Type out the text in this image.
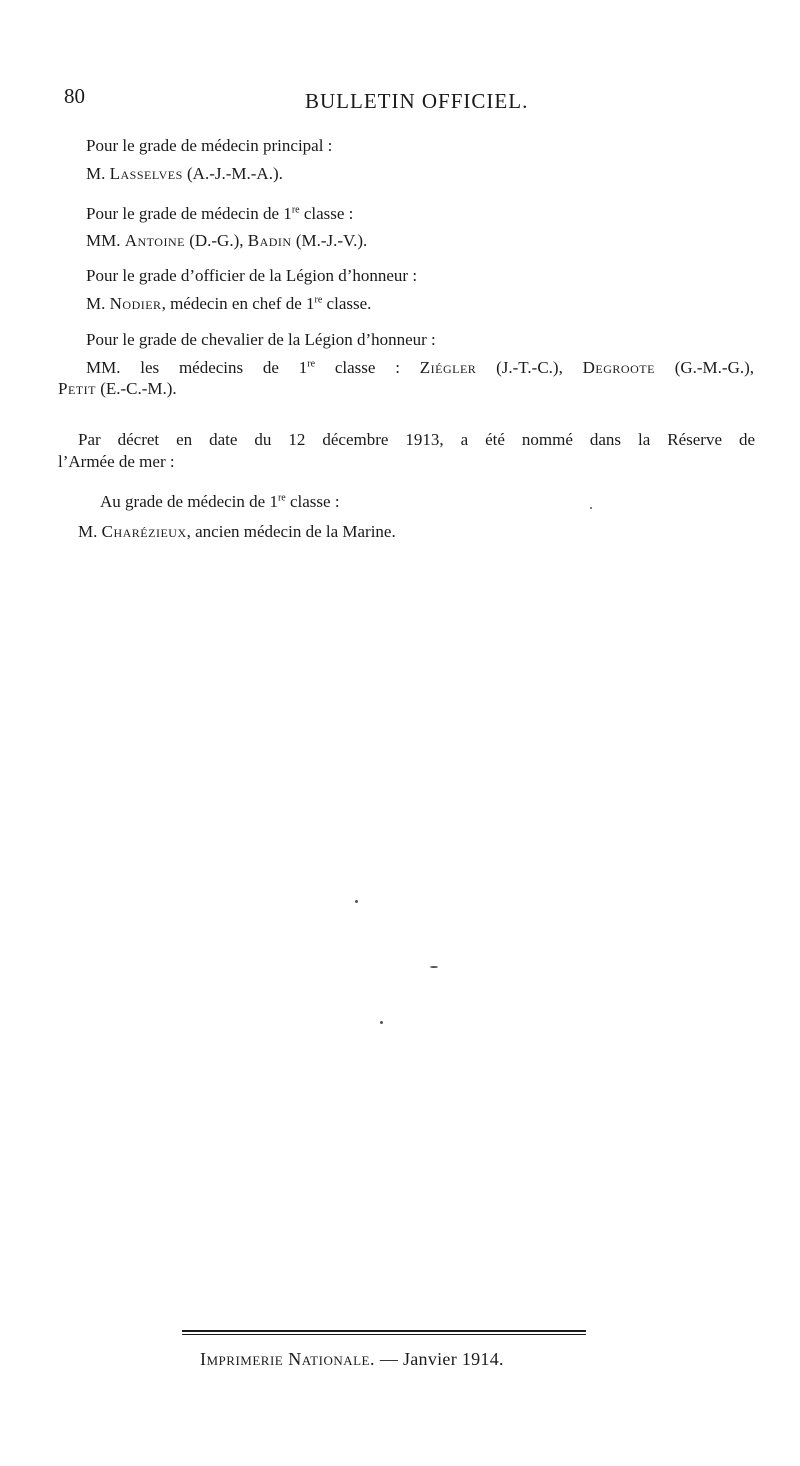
80	BULLETIN OFFICIEL.
Pour le grade de médecin principal :
M. Lasselves (A.-J.-M.-A.).
Pour le grade de médecin de 1re classe :
MM. Antoine (D.-G.), Badin (M.-J.-V.).
Pour le grade d’officier de la Légion d’honneur :
M. Nodier, médecin en chef de 1re classe.
Pour le grade de chevalier de la Légion d’honneur :
MM. les médecins de 1re classe : Ziégler (J.-T.-C.), Degroote (G.-M.-G.),
Petit (E.-C.-M.).
Par décret en date du 12 décembre 1913, a été nommé dans la Réserve de
l’Armée de mer :
Au grade de médecin de 1re classe :
M. Charézieux, ancien médecin de la Marine.
Imprimerie Nationale. — Janvier 1914.
